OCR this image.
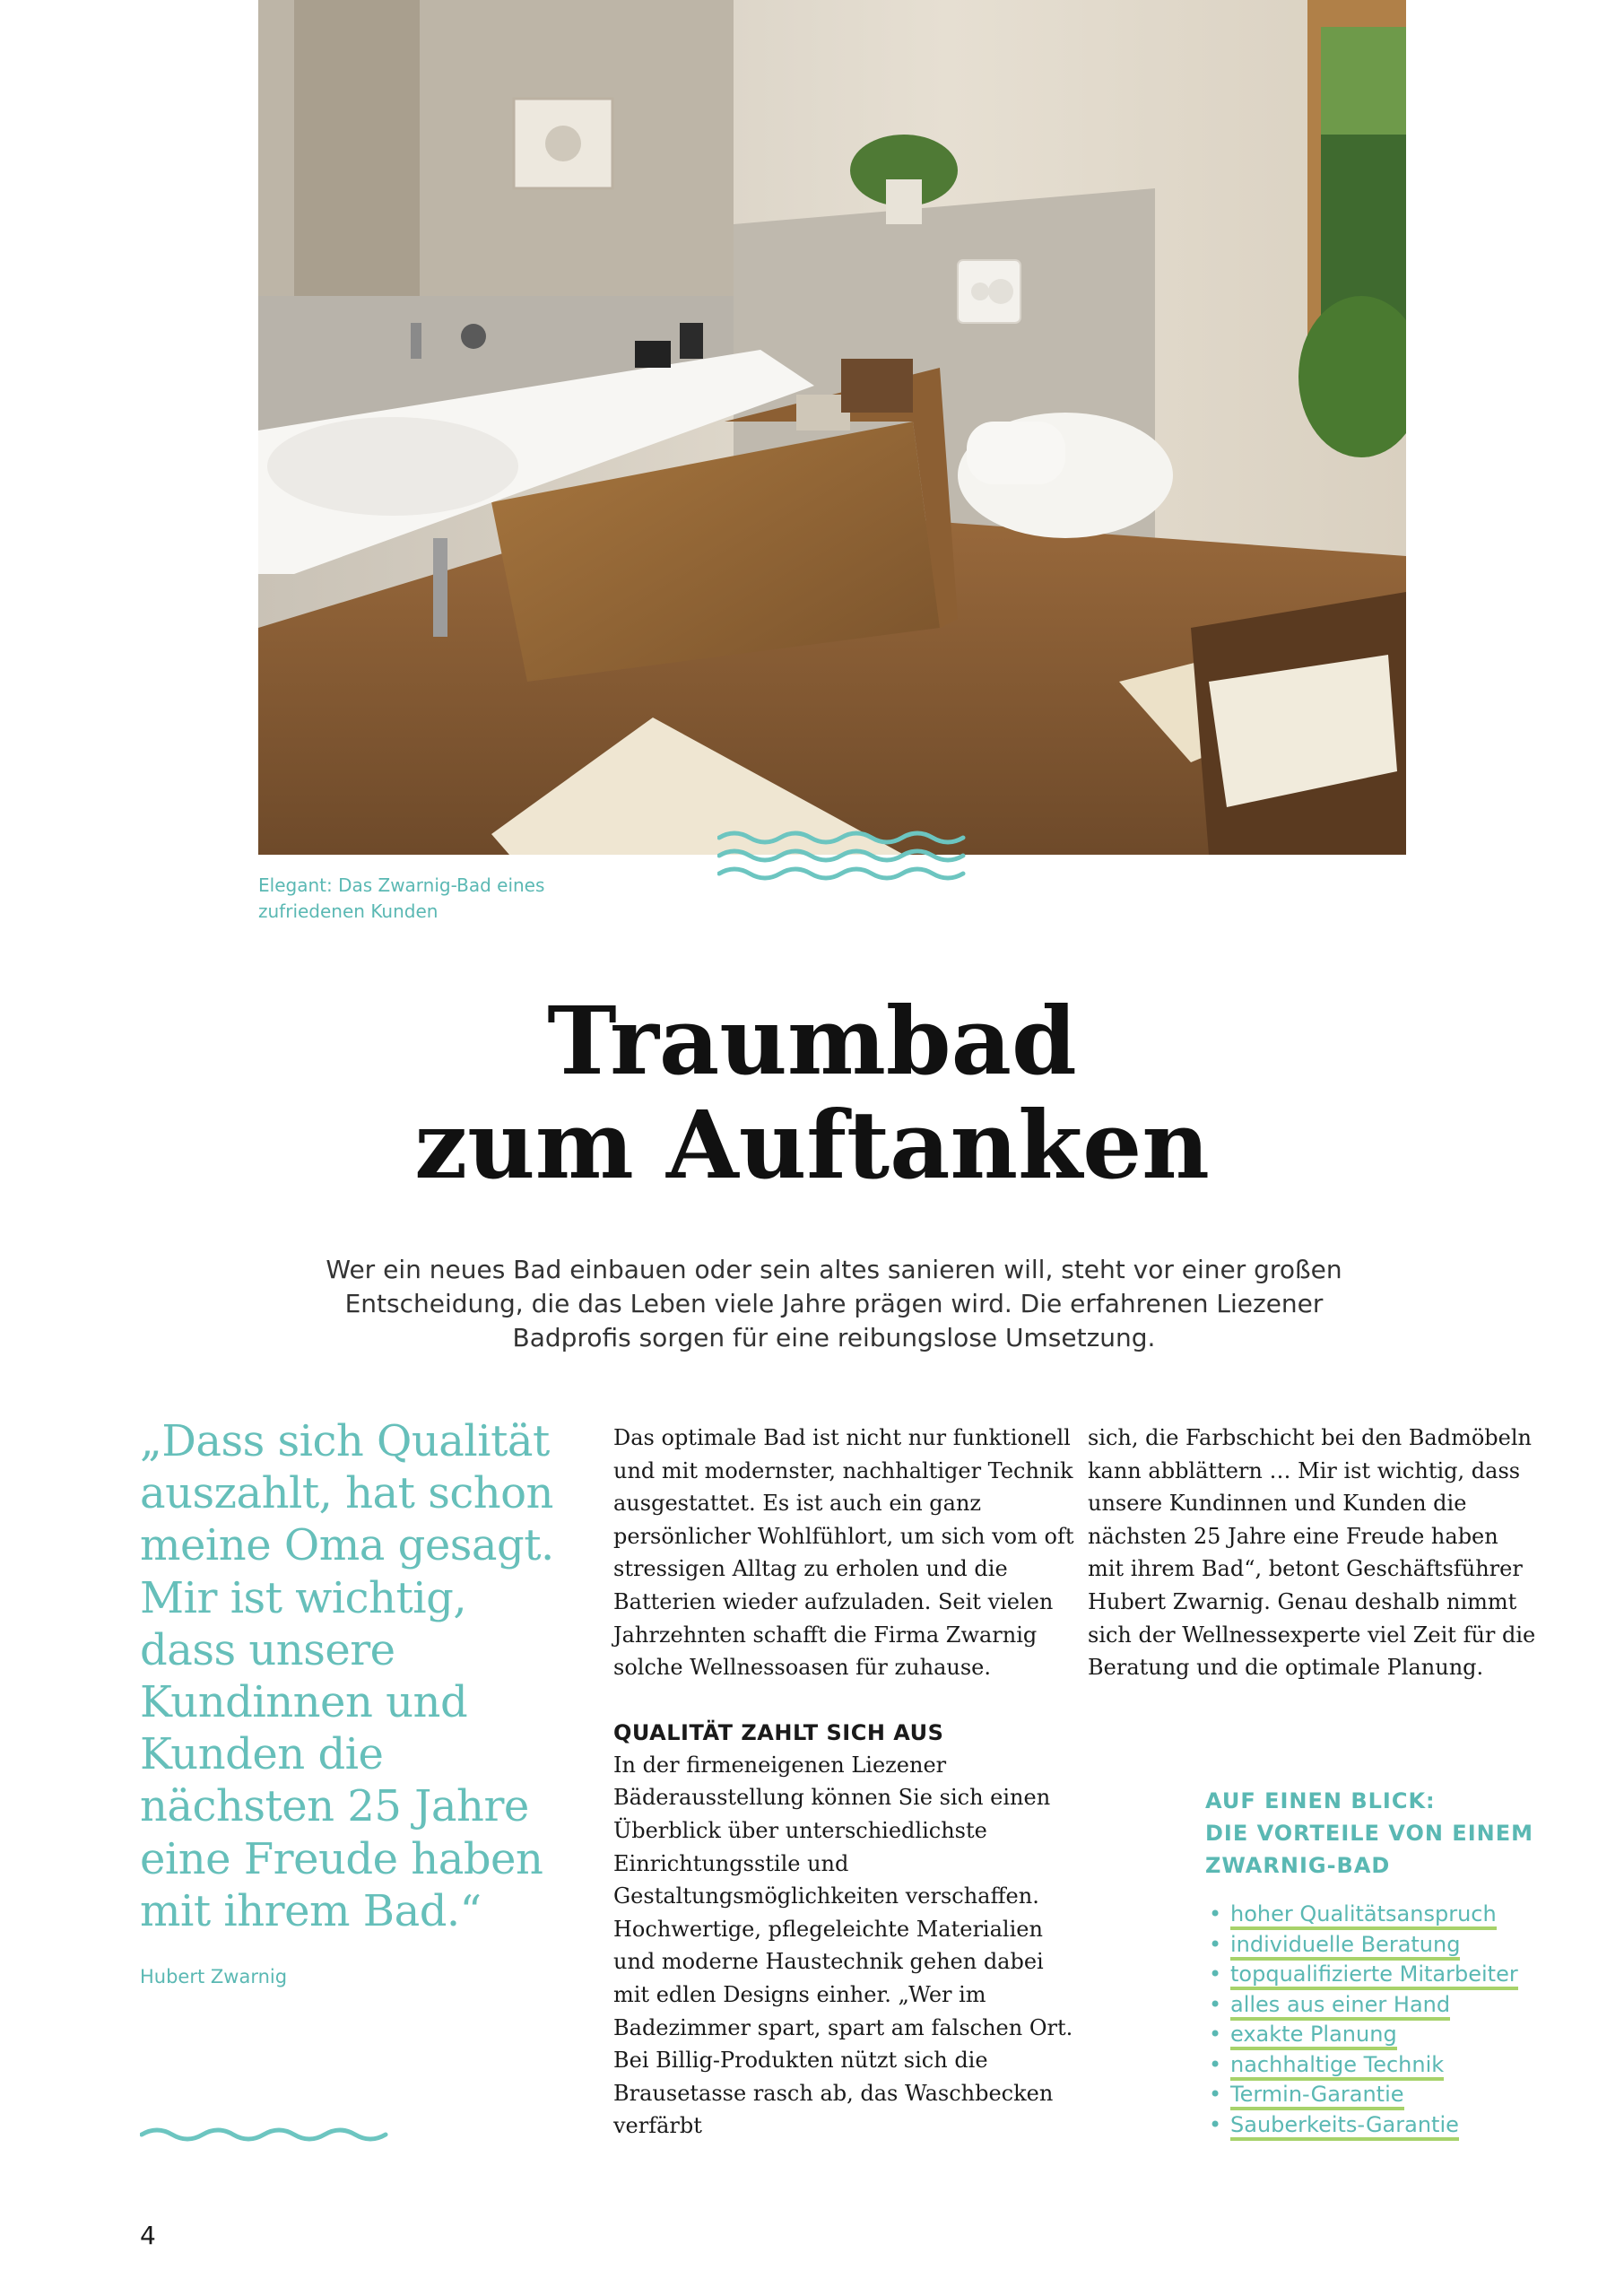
Elegant: Das Zwarnig-Bad eines
zufriedenen Kunden
Traumbad
zum Auftanken
Wer ein neues Bad einbauen oder sein altes sanieren will, steht vor einer großen Entscheidung, die das Leben viele Jahre prägen wird. Die erfahrenen Liezener Badprofis sorgen für eine reibungslose Umsetzung.
„Dass sich Qualität auszahlt, hat schon meine Oma gesagt. Mir ist wichtig, dass unsere Kundinnen und Kunden die nächsten 25 Jahre eine Freude haben mit ihrem Bad.“
Hubert Zwarnig

Das optimale Bad ist nicht nur funktionell und mit modernster, nachhaltiger Technik ausgestattet. Es ist auch ein ganz persönlicher Wohlfühlort, um sich vom oft stressigen Alltag zu erholen und die Batterien wieder aufzuladen. Seit vielen Jahrzehnten schafft die Firma Zwarnig solche Wellnessoasen für zuhause.

QUALITÄT ZAHLT SICH AUS

In der firmeneigenen Liezener Bäderausstellung können Sie sich einen Überblick über unterschiedlichste Einrichtungsstile und Gestaltungsmöglichkeiten verschaffen. Hochwertige, pflegeleichte Materialien und moderne Haustechnik gehen dabei mit edlen Designs einher. „Wer im Badezimmer spart, spart am falschen Ort. Bei Billig-Produkten nützt sich die Brausetasse rasch ab, das Waschbecken verfärbt

sich, die Farbschicht bei den Badmöbeln kann abblättern … Mir ist wichtig, dass unsere Kundinnen und Kunden die nächsten 25 Jahre eine Freude haben mit ihrem Bad“, betont Geschäftsführer Hubert Zwarnig. Genau deshalb nimmt sich der Wellnessexperte viel Zeit für die Beratung und die optimale Planung.

AUF EINEN BLICK:
DIE VORTEILE VON EINEM
ZWARNIG-BAD
• hoher Qualitätsanspruch
• individuelle Beratung
• topqualifizierte Mitarbeiter
• alles aus einer Hand
• exakte Planung
• nachhaltige Technik
• Termin-Garantie
• Sauberkeits-Garantie
4
